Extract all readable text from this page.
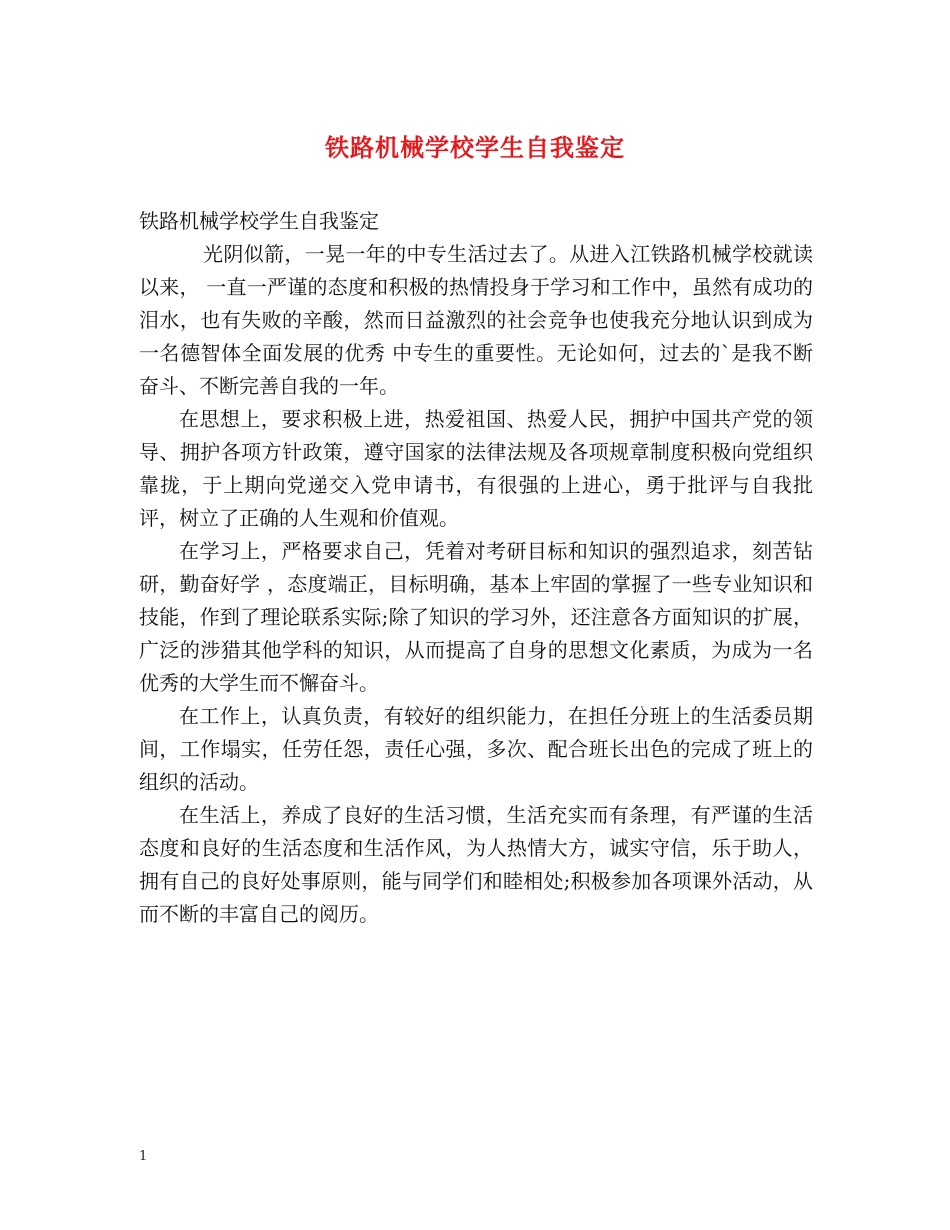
铁路机械学校学生自我鉴定

铁路机械学校学生自我鉴定

光阴似箭，一晃一年的中专生活过去了。从进入江铁路机械学校就读以来， 一直一严谨的态度和积极的热情投身于学习和工作中，虽然有成功的泪水，也有失败的辛酸，然而日益激烈的社会竞争也使我充分地认识到成为一名德智体全面发展的优秀 中专生的重要性。无论如何，过去的`是我不断奋斗、不断完善自我的一年。

在思想上，要求积极上进，热爱祖国、热爱人民，拥护中国共产党的领导、拥护各项方针政策，遵守国家的法律法规及各项规章制度积极向党组织靠拢，于上期向党递交入党申请书，有很强的上进心，勇于批评与自我批评，树立了正确的人生观和价值观。

在学习上，严格要求自己，凭着对考研目标和知识的强烈追求，刻苦钻研，勤奋好学 ，态度端正，目标明确，基本上牢固的掌握了一些专业知识和技能，作到了理论联系实际;除了知识的学习外，还注意各方面知识的扩展，广泛的涉猎其他学科的知识，从而提高了自身的思想文化素质，为成为一名优秀的大学生而不懈奋斗。

在工作上，认真负责，有较好的组织能力，在担任分班上的生活委员期间，工作塌实，任劳任怨，责任心强，多次、配合班长出色的完成了班上的组织的活动。

在生活上，养成了良好的生活习惯，生活充实而有条理，有严谨的生活态度和良好的生活态度和生活作风，为人热情大方，诚实守信，乐于助人，拥有自己的良好处事原则，能与同学们和睦相处;积极参加各项课外活动，从而不断的丰富自己的阅历。

1
